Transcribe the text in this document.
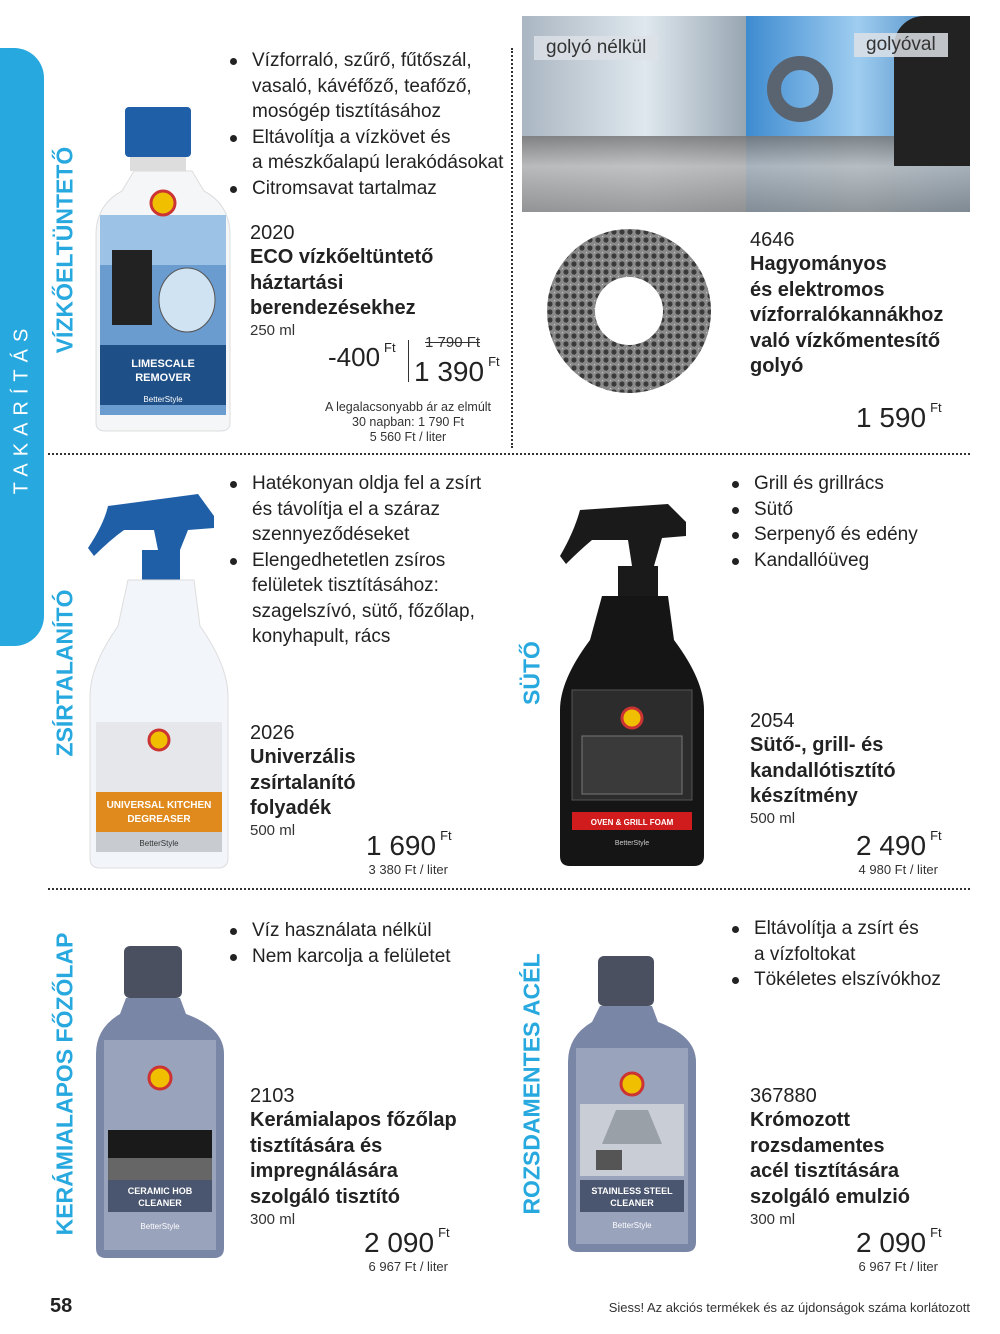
TAKARÍTÁS
VÍZKŐELTÜNTETŐ
ZSÍRTALANÍTÓ	SÜTŐ
KERÁMIALAPOS FŐZŐLAP	ROZSDAMENTES ACÉL
LIMESCALE
REMOVER
BetterStyle
Vízforraló, szűrő, fűtőszál,
vasaló, kávéfőző, teafőző,
mosógép tisztításához
Eltávolítja a vízkövet és
a mészkőalapú lerakódásokat
Citromsavat tartalmaz
2020
ECO vízkőeltüntető
háztartási
berendezésekhez
250 ml
-400 $^{Ft}$ 1 790 Ft
1 390 $^{Ft}$
A legalacsonyabb ár az elmúlt
30 napban: 1 790 Ft
5 560 Ft / liter
golyó nélkül	golyóval
4646
Hagyományos
és elektromos
vízforralókannákhoz
való vízkőmentesítő
golyó
1 590 $^{Ft}$
UNIVERSAL KITCHEN
DEGREASER
BetterStyle
Hatékonyan oldja fel a zsírt
és távolítja el a száraz
szennyeződéseket
Elengedhetetlen zsíros
felületek tisztításához:
szagelszívó, sütő, főzőlap,
konyhapult, rács
2026
Univerzális
zsírtalanító
folyadék
500 ml	1 690 $^{Ft}$
3 380 Ft / liter
OVEN & GRILL FOAM
BetterStyle
Grill és grillrács
Sütő
Serpenyő és edény
Kandallóüveg
2054
Sütő-, grill- és
kandallótisztító
készítmény
500 ml
2 490 $^{Ft}$
4 980 Ft / liter
CERAMIC HOB
CLEANER
BetterStyle
Víz használata nélkül
Nem karcolja a felületet
2103
Kerámialapos főzőlap
tisztítására és
impregnálására
szolgáló tisztító
300 ml
2 090 $^{Ft}$
6 967 Ft / liter
STAINLESS STEEL
CLEANER
BetterStyle
Eltávolítja a zsírt és
a vízfoltokat
Tökéletes elszívókhoz
367880
Krómozott
rozsdamentes
acél tisztítására
szolgáló emulzió
300 ml
2 090 $^{Ft}$
6 967 Ft / liter
58	Siess! Az akciós termékek és az újdonságok száma korlátozott
